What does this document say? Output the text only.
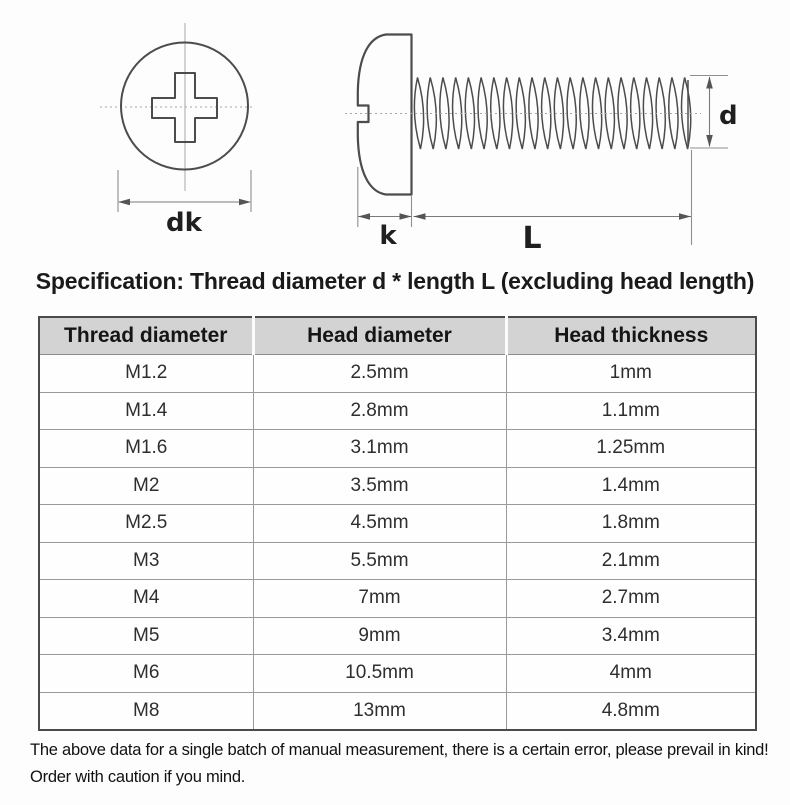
dk	k	L
d
Specification: Thread diameter d * length L (excluding head length)
Thread diameter	Head diameter	Head thickness
M1.2	2.5mm	1mm
M1.4	2.8mm	1.1mm
M1.6	3.1mm	1.25mm
M2	3.5mm	1.4mm
M2.5	4.5mm	1.8mm
M3	5.5mm	2.1mm
M4	7mm	2.7mm
M5	9mm	3.4mm
M6	10.5mm	4mm
M8	13mm	4.8mm
The above data for a single batch of manual measurement, there is a certain error, please prevail in kind! Order with caution if you mind.
